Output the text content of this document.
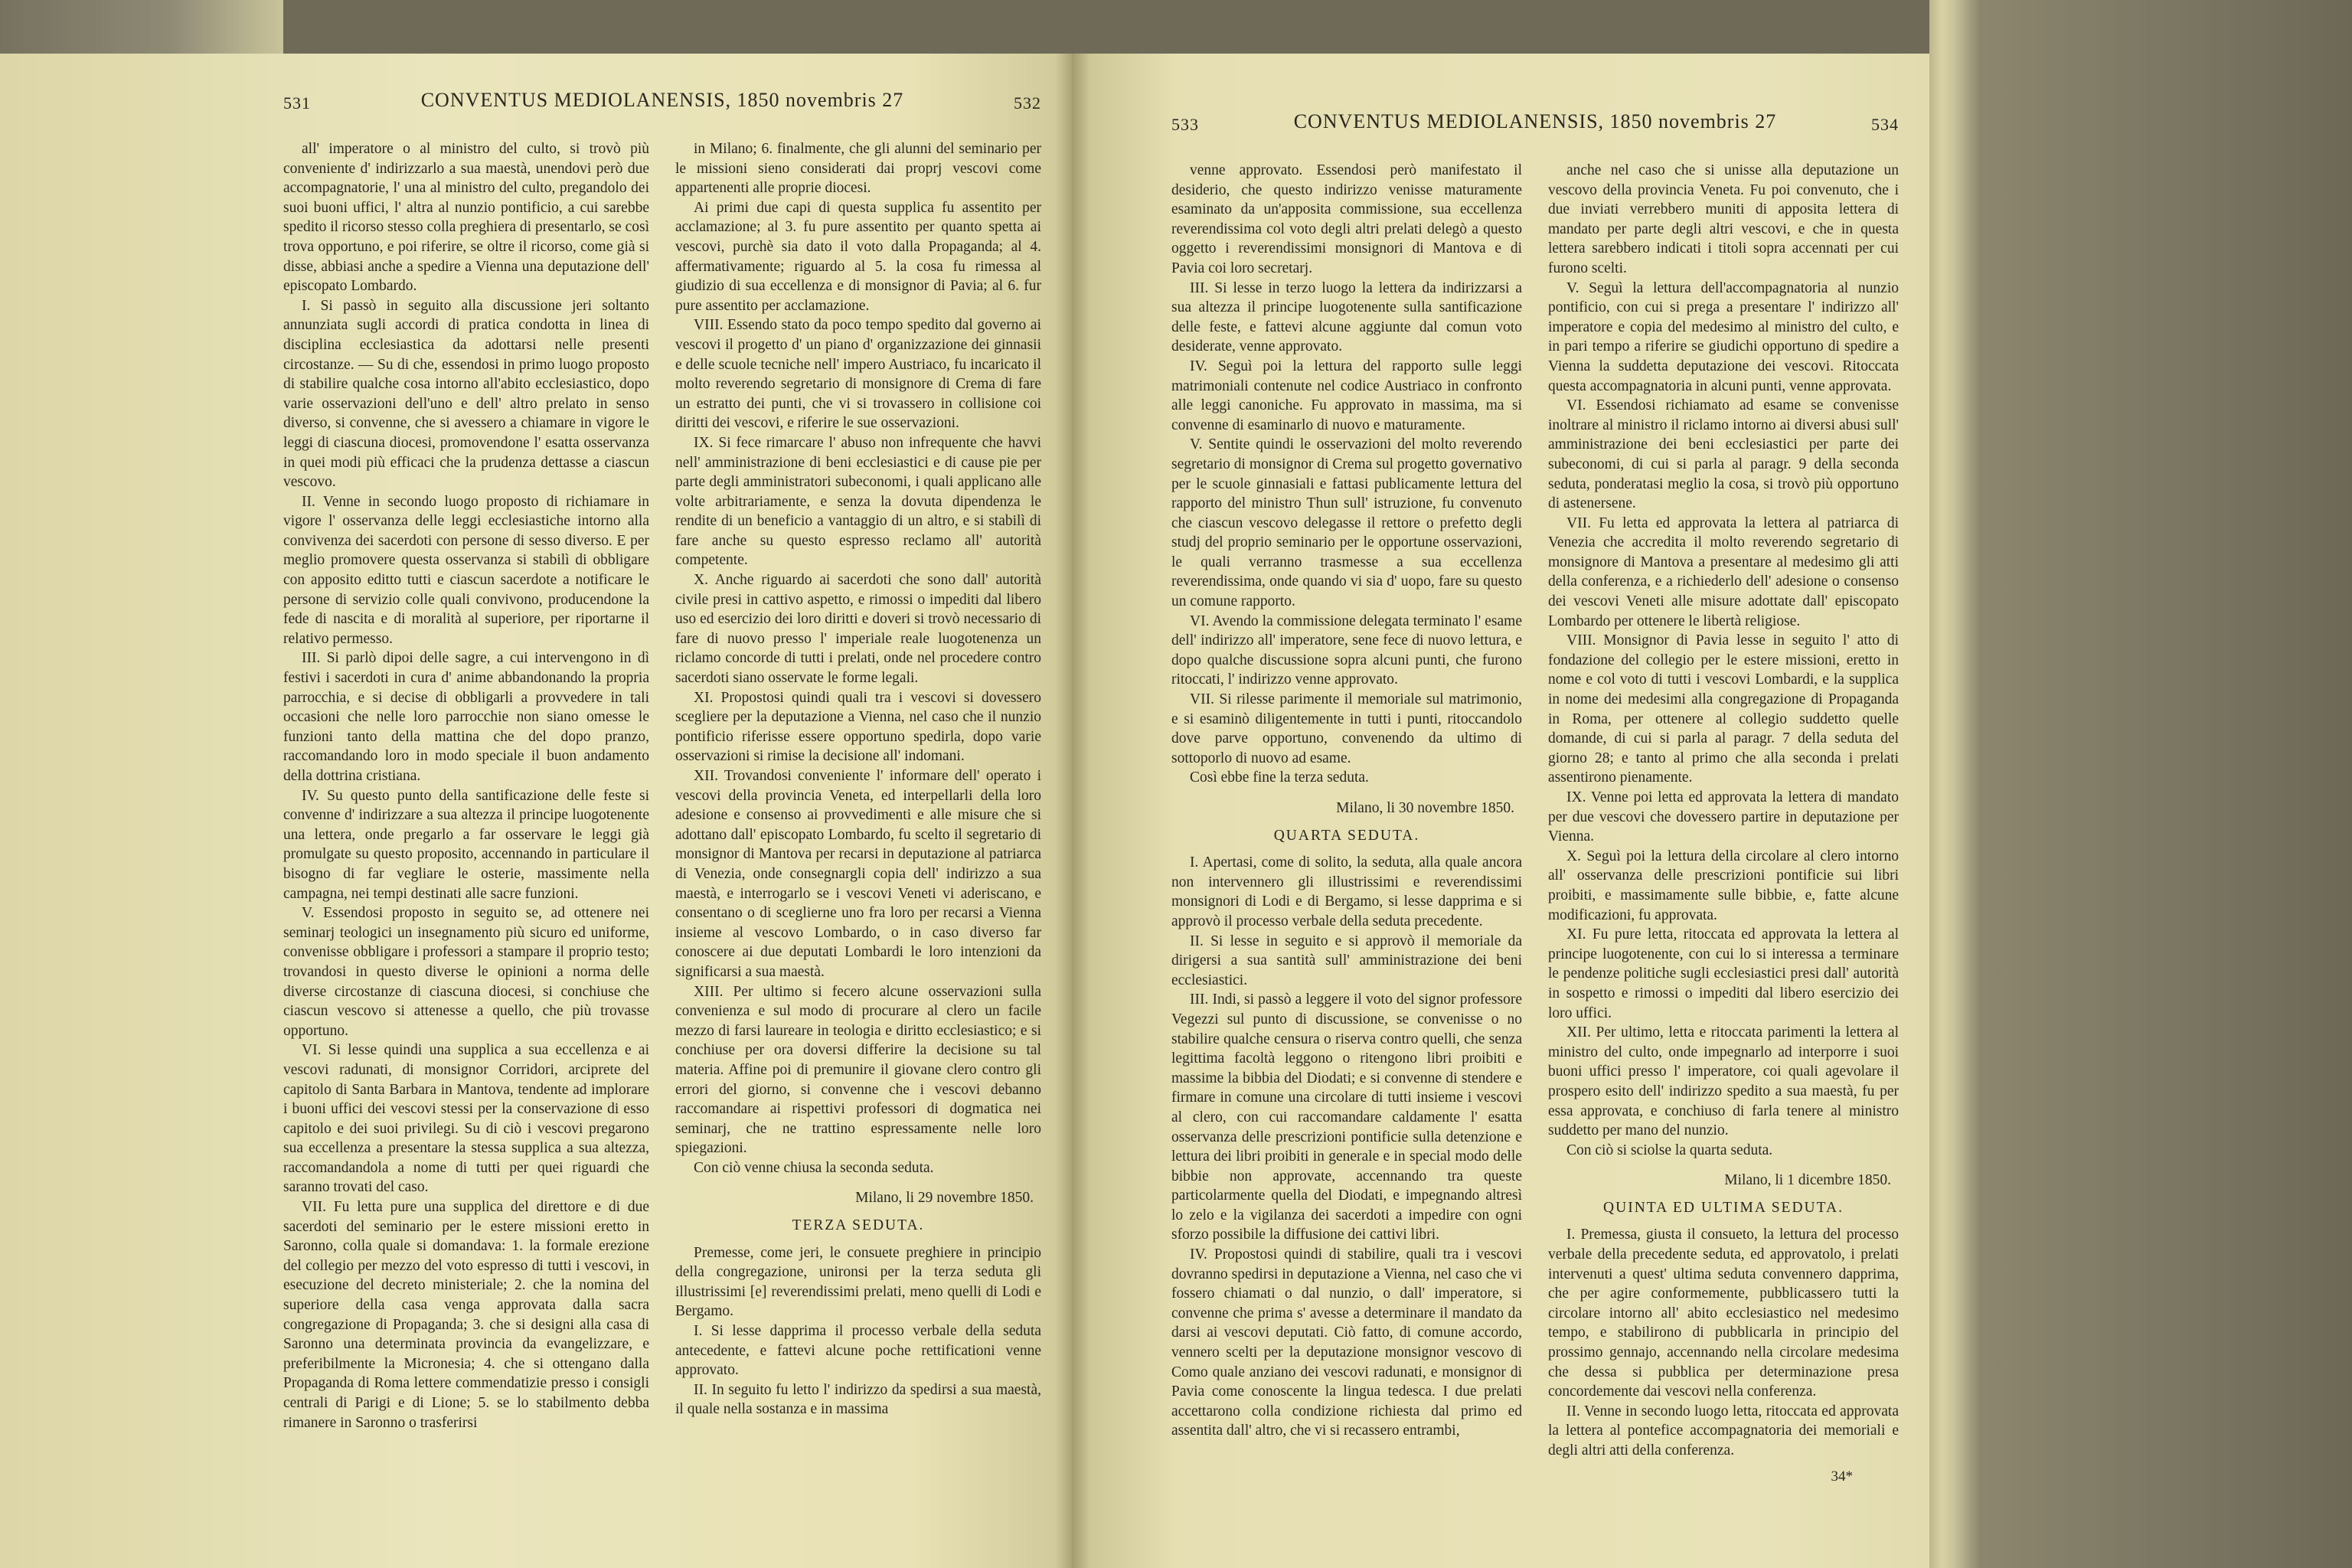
531	CONVENTUS MEDIOLANENSIS, 1850 novembris 27	532

all' imperatore o al ministro del culto, si trovò più conveniente d' indirizzarlo a sua maestà, unendovi però due accompagnatorie, l' una al ministro del culto, pregandolo dei suoi buoni uffici, l' altra al nunzio pontificio, a cui sarebbe spedito il ricorso stesso colla preghiera di presentarlo, se così trova opportuno, e poi riferire, se oltre il ricorso, come già si disse, abbiasi anche a spedire a Vienna una deputazione dell' episcopato Lombardo.

I. Si passò in seguito alla discussione jeri soltanto annunziata sugli accordi di pratica condotta in linea di disciplina ecclesiastica da adottarsi nelle presenti circostanze. — Su di che, essendosi in primo luogo proposto di stabilire qualche cosa intorno all'abito ecclesiastico, dopo varie osservazioni dell'uno e dell' altro prelato in senso diverso, si convenne, che si avessero a chiamare in vigore le leggi di ciascuna diocesi, promovendone l' esatta osservanza in quei modi più efficaci che la prudenza dettasse a ciascun vescovo.

II. Venne in secondo luogo proposto di richiamare in vigore l' osservanza delle leggi ecclesiastiche intorno alla convivenza dei sacerdoti con persone di sesso diverso. E per meglio promovere questa osservanza si stabilì di obbligare con apposito editto tutti e ciascun sacerdote a notificare le persone di servizio colle quali convivono, producendone la fede di nascita e di moralità al superiore, per riportarne il relativo permesso.

III. Si parlò dipoi delle sagre, a cui intervengono in dì festivi i sacerdoti in cura d' anime abbandonando la propria parrocchia, e si decise di obbligarli a provvedere in tali occasioni che nelle loro parrocchie non siano omesse le funzioni tanto della mattina che del dopo pranzo, raccomandando loro in modo speciale il buon andamento della dottrina cristiana.

IV. Su questo punto della santificazione delle feste si convenne d' indirizzare a sua altezza il principe luogotenente una lettera, onde pregarlo a far osservare le leggi già promulgate su questo proposito, accennando in particulare il bisogno di far vegliare le osterie, massimente nella campagna, nei tempi destinati alle sacre funzioni.

V. Essendosi proposto in seguito se, ad ottenere nei seminarj teologici un insegnamento più sicuro ed uniforme, convenisse obbligare i professori a stampare il proprio testo; trovandosi in questo diverse le opinioni a norma delle diverse circostanze di ciascuna diocesi, si conchiuse che ciascun vescovo si attenesse a quello, che più trovasse opportuno.

VI. Si lesse quindi una supplica a sua eccellenza e ai vescovi radunati, di monsignor Corridori, arciprete del capitolo di Santa Barbara in Mantova, tendente ad implorare i buoni uffici dei vescovi stessi per la conservazione di esso capitolo e dei suoi privilegi. Su di ciò i vescovi pregarono sua eccellenza a presentare la stessa supplica a sua altezza, raccomandandola a nome di tutti per quei riguardi che saranno trovati del caso.

VII. Fu letta pure una supplica del direttore e di due sacerdoti del seminario per le estere missioni eretto in Saronno, colla quale si domandava: 1. la formale erezione del collegio per mezzo del voto espresso di tutti i vescovi, in esecuzione del decreto ministeriale; 2. che la nomina del superiore della casa venga approvata dalla sacra congregazione di Propaganda; 3. che si designi alla casa di Saronno una determinata provincia da evangelizzare, e preferibilmente la Micronesia; 4. che si ottengano dalla Propaganda di Roma lettere commendatizie presso i consigli centrali di Parigi e di Lione; 5. se lo stabilmento debba rimanere in Saronno o trasferirsi

in Milano; 6. finalmente, che gli alunni del seminario per le missioni sieno considerati dai proprj vescovi come appartenenti alle proprie diocesi.

Ai primi due capi di questa supplica fu assentito per acclamazione; al 3. fu pure assentito per quanto spetta ai vescovi, purchè sia dato il voto dalla Propaganda; al 4. affermativamente; riguardo al 5. la cosa fu rimessa al giudizio di sua eccellenza e di monsignor di Pavia; al 6. fur pure assentito per acclamazione.

VIII. Essendo stato da poco tempo spedito dal governo ai vescovi il progetto d' un piano d' organizzazione dei ginnasii e delle scuole tecniche nell' impero Austriaco, fu incaricato il molto reverendo segretario di monsignore di Crema di fare un estratto dei punti, che vi si trovassero in collisione coi diritti dei vescovi, e riferire le sue osservazioni.

IX. Si fece rimarcare l' abuso non infrequente che havvi nell' amministrazione di beni ecclesiastici e di cause pie per parte degli amministratori subeconomi, i quali applicano alle volte arbitrariamente, e senza la dovuta dipendenza le rendite di un beneficio a vantaggio di un altro, e si stabilì di fare anche su questo espresso reclamo all' autorità competente.

X. Anche riguardo ai sacerdoti che sono dall' autorità civile presi in cattivo aspetto, e rimossi o impediti dal libero uso ed esercizio dei loro diritti e doveri si trovò necessario di fare di nuovo presso l' imperiale reale luogotenenza un riclamo concorde di tutti i prelati, onde nel procedere contro sacerdoti siano osservate le forme legali.

XI. Propostosi quindi quali tra i vescovi si dovessero scegliere per la deputazione a Vienna, nel caso che il nunzio pontificio riferisse essere opportuno spedirla, dopo varie osservazioni si rimise la decisione all' indomani.

XII. Trovandosi conveniente l' informare dell' operato i vescovi della provincia Veneta, ed interpellarli della loro adesione e consenso ai provvedimenti e alle misure che si adottano dall' episcopato Lombardo, fu scelto il segretario di monsignor di Mantova per recarsi in deputazione al patriarca di Venezia, onde consegnargli copia dell' indirizzo a sua maestà, e interrogarlo se i vescovi Veneti vi aderiscano, e consentano o di sceglierne uno fra loro per recarsi a Vienna insieme al vescovo Lombardo, o in caso diverso far conoscere ai due deputati Lombardi le loro intenzioni da significarsi a sua maestà.

XIII. Per ultimo si fecero alcune osservazioni sulla convenienza e sul modo di procurare al clero un facile mezzo di farsi laureare in teologia e diritto ecclesiastico; e si conchiuse per ora doversi differire la decisione su tal materia. Affine poi di premunire il giovane clero contro gli errori del giorno, si convenne che i vescovi debanno raccomandare ai rispettivi professori di dogmatica nei seminarj, che ne trattino espressamente nelle loro spiegazioni.

Con ciò venne chiusa la seconda seduta.

Milano, li 29 novembre 1850.

TERZA SEDUTA.

Premesse, come jeri, le consuete preghiere in principio della congregazione, unironsi per la terza seduta gli illustrissimi [e] reverendissimi prelati, meno quelli di Lodi e Bergamo.

I. Si lesse dapprima il processo verbale della seduta antecedente, e fattevi alcune poche rettificationi venne approvato.

II. In seguito fu letto l' indirizzo da spedirsi a sua maestà, il quale nella sostanza e in massima

533	CONVENTUS MEDIOLANENSIS, 1850 novembris 27	534

venne approvato. Essendosi però manifestato il desiderio, che questo indirizzo venisse maturamente esaminato da un'apposita commissione, sua eccellenza reverendissima col voto degli altri prelati delegò a questo oggetto i reverendissimi monsignori di Mantova e di Pavia coi loro secretarj.

III. Si lesse in terzo luogo la lettera da indirizzarsi a sua altezza il principe luogotenente sulla santificazione delle feste, e fattevi alcune aggiunte dal comun voto desiderate, venne approvato.

IV. Seguì poi la lettura del rapporto sulle leggi matrimoniali contenute nel codice Austriaco in confronto alle leggi canoniche. Fu approvato in massima, ma si convenne di esaminarlo di nuovo e maturamente.

V. Sentite quindi le osservazioni del molto reverendo segretario di monsignor di Crema sul progetto governativo per le scuole ginnasiali e fattasi publicamente lettura del rapporto del ministro Thun sull' istruzione, fu convenuto che ciascun vescovo delegasse il rettore o prefetto degli studj del proprio seminario per le opportune osservazioni, le quali verranno trasmesse a sua eccellenza reverendissima, onde quando vi sia d' uopo, fare su questo un comune rapporto.

VI. Avendo la commissione delegata terminato l' esame dell' indirizzo all' imperatore, sene fece di nuovo lettura, e dopo qualche discussione sopra alcuni punti, che furono ritoccati, l' indirizzo venne approvato.

VII. Si rilesse parimente il memoriale sul matrimonio, e si esaminò diligentemente in tutti i punti, ritoccandolo dove parve opportuno, convenendo da ultimo di sottoporlo di nuovo ad esame.

Così ebbe fine la terza seduta.

Milano, li 30 novembre 1850.

QUARTA SEDUTA.

I. Apertasi, come di solito, la seduta, alla quale ancora non intervennero gli illustrissimi e reverendissimi monsignori di Lodi e di Bergamo, si lesse dapprima e si approvò il processo verbale della seduta precedente.

II. Si lesse in seguito e si approvò il memoriale da dirigersi a sua santità sull' amministrazione dei beni ecclesiastici.

III. Indi, si passò a leggere il voto del signor professore Vegezzi sul punto di discussione, se convenisse o no stabilire qualche censura o riserva contro quelli, che senza legittima facoltà leggono o ritengono libri proibiti e massime la bibbia del Diodati; e si convenne di stendere e firmare in comune una circolare di tutti insieme i vescovi al clero, con cui raccomandare caldamente l' esatta osservanza delle prescrizioni pontificie sulla detenzione e lettura dei libri proibiti in generale e in special modo delle bibbie non approvate, accennando tra queste particolarmente quella del Diodati, e impegnando altresì lo zelo e la vigilanza dei sacerdoti a impedire con ogni sforzo possibile la diffusione dei cattivi libri.

IV. Propostosi quindi di stabilire, quali tra i vescovi dovranno spedirsi in deputazione a Vienna, nel caso che vi fossero chiamati o dal nunzio, o dall' imperatore, si convenne che prima s' avesse a determinare il mandato da darsi ai vescovi deputati. Ciò fatto, di comune accordo, vennero scelti per la deputazione monsignor vescovo di Como quale anziano dei vescovi radunati, e monsignor di Pavia come conoscente la lingua tedesca. I due prelati accettarono colla condizione richiesta dal primo ed assentita dall' altro, che vi si recassero entrambi,

anche nel caso che si unisse alla deputazione un vescovo della provincia Veneta. Fu poi convenuto, che i due inviati verrebbero muniti di apposita lettera di mandato per parte degli altri vescovi, e che in questa lettera sarebbero indicati i titoli sopra accennati per cui furono scelti.

V. Seguì la lettura dell'accompagnatoria al nunzio pontificio, con cui si prega a presentare l' indirizzo all' imperatore e copia del medesimo al ministro del culto, e in pari tempo a riferire se giudichi opportuno di spedire a Vienna la suddetta deputazione dei vescovi. Ritoccata questa accompagnatoria in alcuni punti, venne approvata.

VI. Essendosi richiamato ad esame se convenisse inoltrare al ministro il riclamo intorno ai diversi abusi sull' amministrazione dei beni ecclesiastici per parte dei subeconomi, di cui si parla al paragr. 9 della seconda seduta, ponderatasi meglio la cosa, si trovò più opportuno di astenersene.

VII. Fu letta ed approvata la lettera al patriarca di Venezia che accredita il molto reverendo segretario di monsignore di Mantova a presentare al medesimo gli atti della conferenza, e a richiederlo dell' adesione o consenso dei vescovi Veneti alle misure adottate dall' episcopato Lombardo per ottenere le libertà religiose.

VIII. Monsignor di Pavia lesse in seguito l' atto di fondazione del collegio per le estere missioni, eretto in nome e col voto di tutti i vescovi Lombardi, e la supplica in nome dei medesimi alla congregazione di Propaganda in Roma, per ottenere al collegio suddetto quelle domande, di cui si parla al paragr. 7 della seduta del giorno 28; e tanto al primo che alla seconda i prelati assentirono pienamente.

IX. Venne poi letta ed approvata la lettera di mandato per due vescovi che dovessero partire in deputazione per Vienna.

X. Seguì poi la lettura della circolare al clero intorno all' osservanza delle prescrizioni pontificie sui libri proibiti, e massimamente sulle bibbie, e, fatte alcune modificazioni, fu approvata.

XI. Fu pure letta, ritoccata ed approvata la lettera al principe luogotenente, con cui lo si interessa a terminare le pendenze politiche sugli ecclesiastici presi dall' autorità in sospetto e rimossi o impediti dal libero esercizio dei loro uffici.

XII. Per ultimo, letta e ritoccata parimenti la lettera al ministro del culto, onde impegnarlo ad interporre i suoi buoni uffici presso l' imperatore, coi quali agevolare il prospero esito dell' indirizzo spedito a sua maestà, fu per essa approvata, e conchiuso di farla tenere al ministro suddetto per mano del nunzio.

Con ciò si sciolse la quarta seduta.

Milano, li 1 dicembre 1850.

QUINTA ED ULTIMA SEDUTA.

I. Premessa, giusta il consueto, la lettura del processo verbale della precedente seduta, ed approvatolo, i prelati intervenuti a quest' ultima seduta convennero dapprima, che per agire conformemente, pubblicassero tutti la circolare intorno all' abito ecclesiastico nel medesimo tempo, e stabilirono di pubblicarla in principio del prossimo gennajo, accennando nella circolare medesima che dessa si pubblica per determinazione presa concordemente dai vescovi nella conferenza.

II. Venne in secondo luogo letta, ritoccata ed approvata la lettera al pontefice accompagnatoria dei memoriali e degli altri atti della conferenza.

34*
